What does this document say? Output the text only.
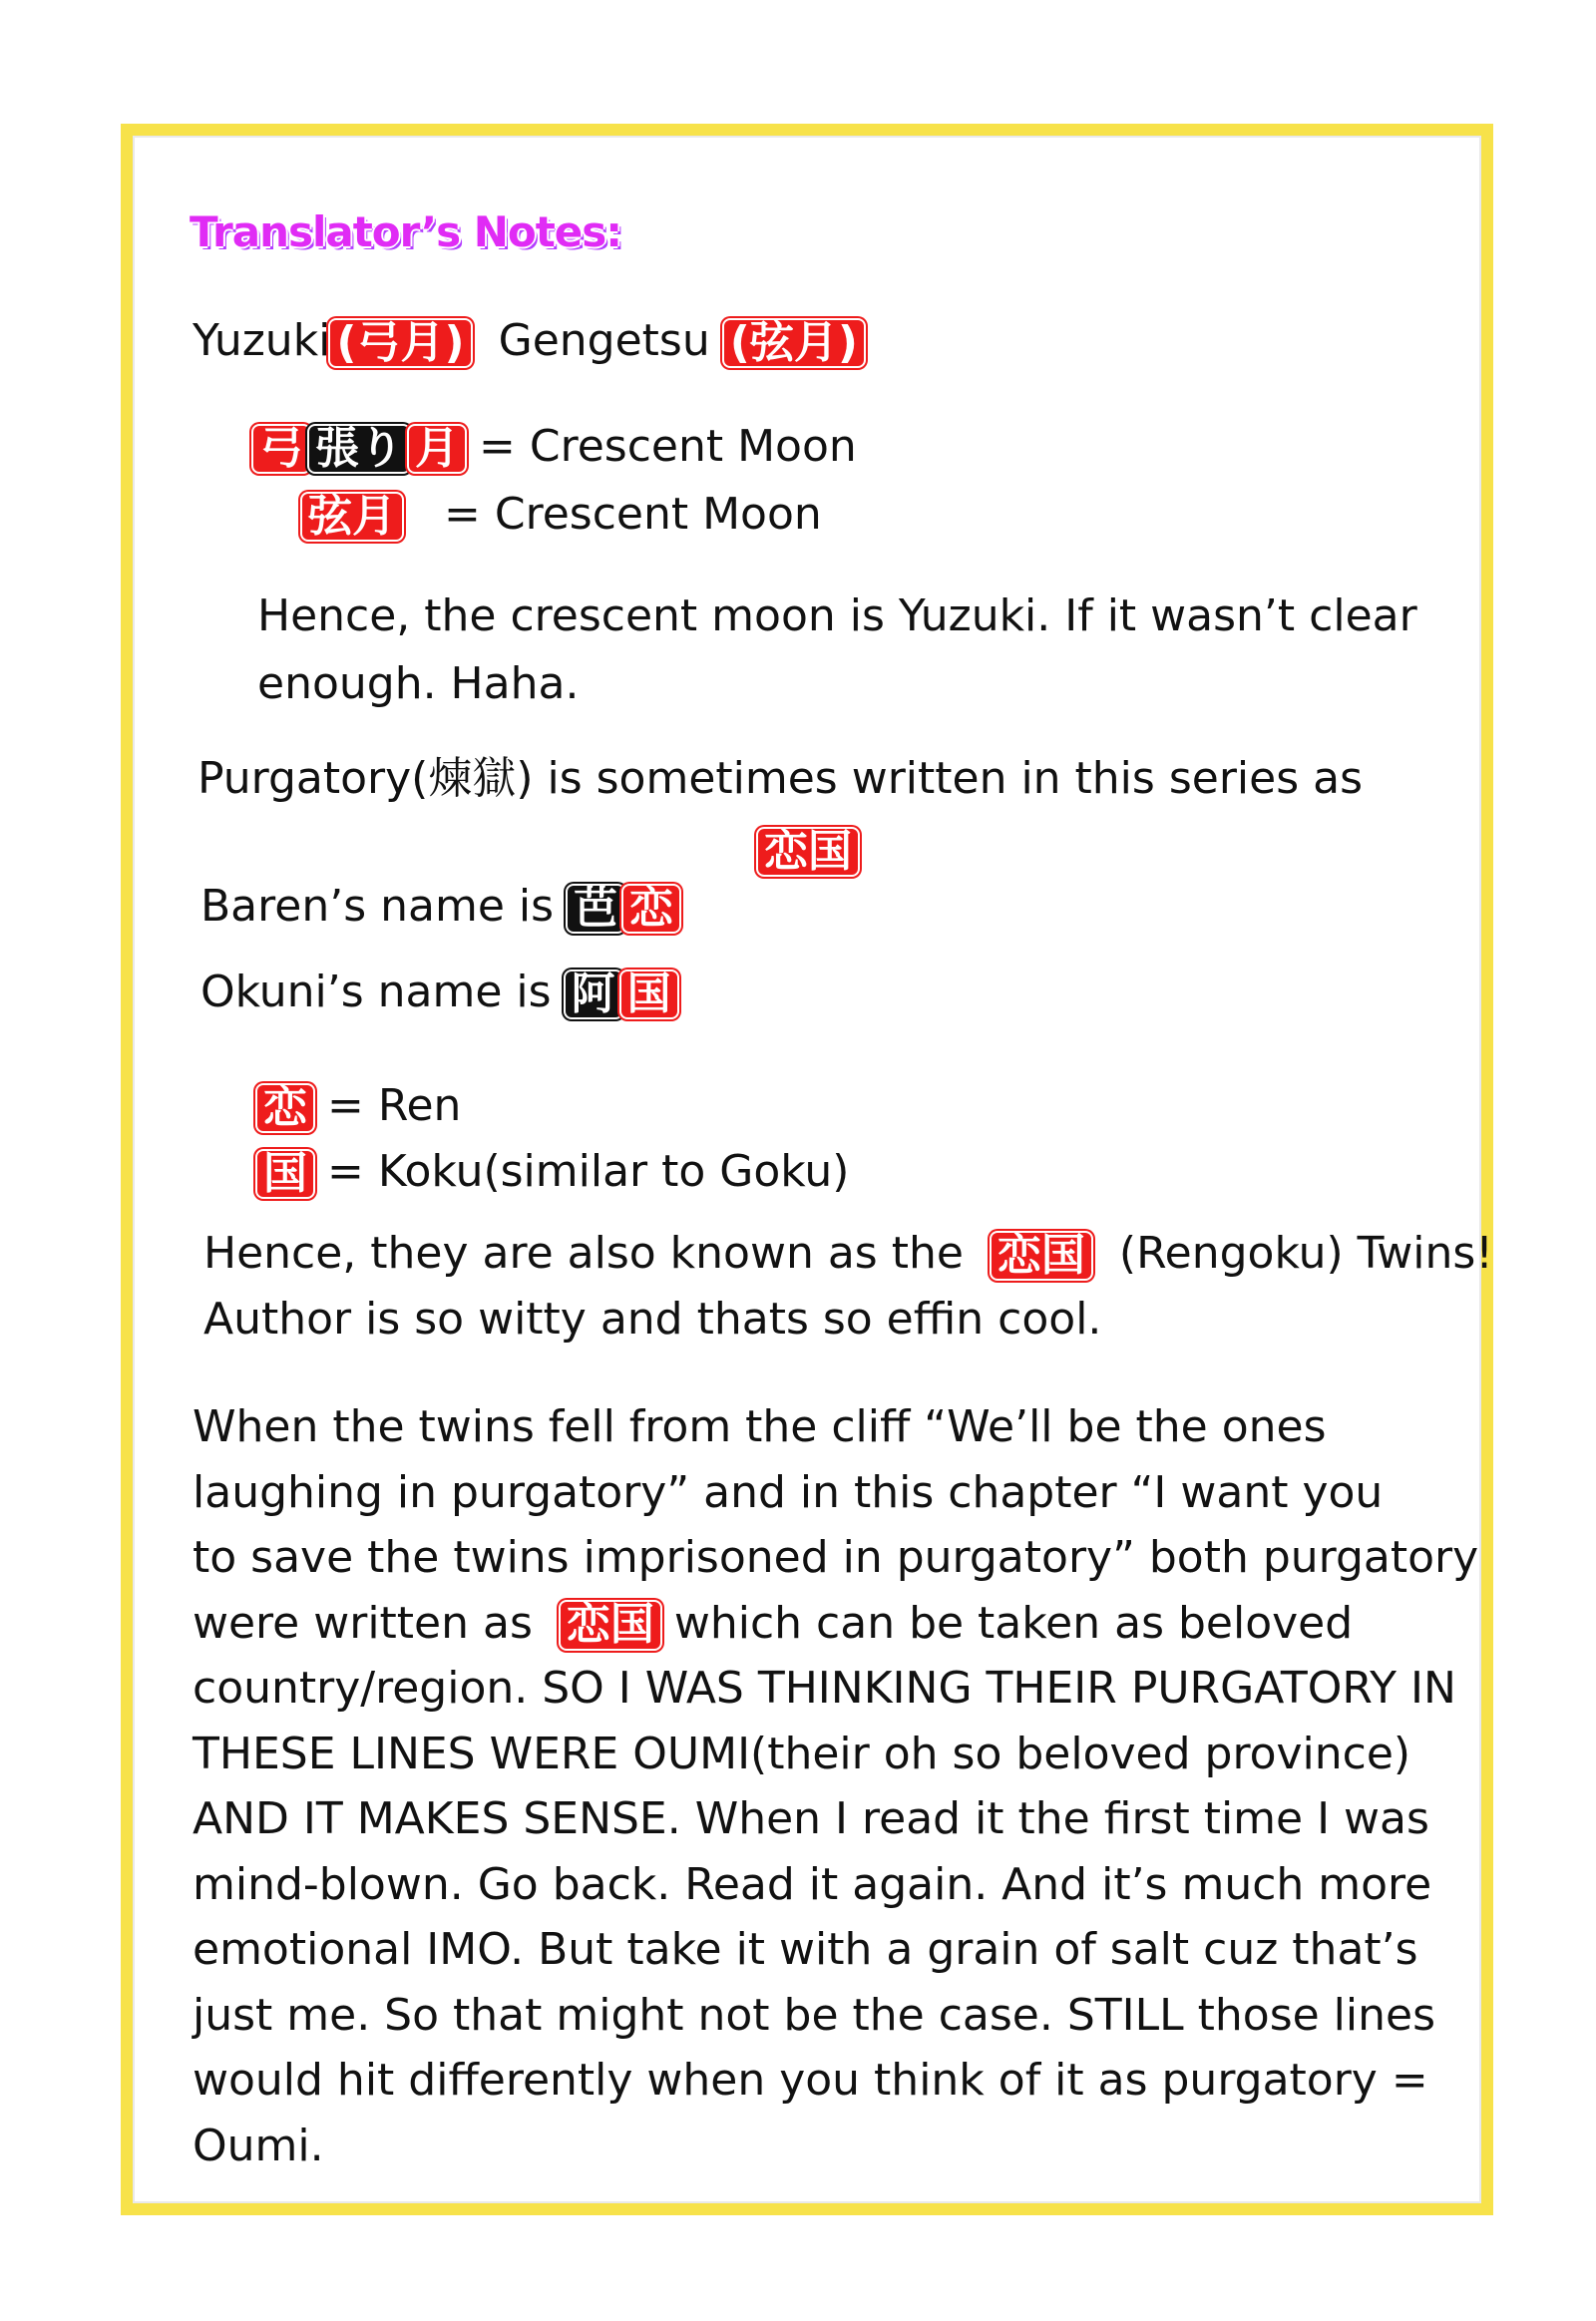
Translator’s Notes:
Yuzuki (弓月) Gengetsu (弦月)
弓 張り 月 = Crescent Moon
弦月 = Crescent Moon
Hence, the crescent moon is Yuzuki. If it wasn’t clear
enough. Haha.
Purgatory(煉獄) is sometimes written in this series as
恋国
Baren’s name is 芭 恋
Okuni’s name is 阿 国
恋 = Ren
国 = Koku(similar to Goku)
Hence, they are also known as the 恋国 (Rengoku) Twins!
Author is so witty and thats so effin cool.
When the twins fell from the cliff “We’ll be the ones
laughing in purgatory” and in this chapter “I want you
to save the twins imprisoned in purgatory” both purgatory
were written as 恋国 which can be taken as beloved
country/region. SO I WAS THINKING THEIR PURGATORY IN
THESE LINES WERE OUMI(their oh so beloved province)
AND IT MAKES SENSE. When I read it the first time I was
mind-blown. Go back. Read it again. And it’s much more
emotional IMO. But take it with a grain of salt cuz that’s
just me. So that might not be the case. STILL those lines
would hit differently when you think of it as purgatory =
Oumi.
